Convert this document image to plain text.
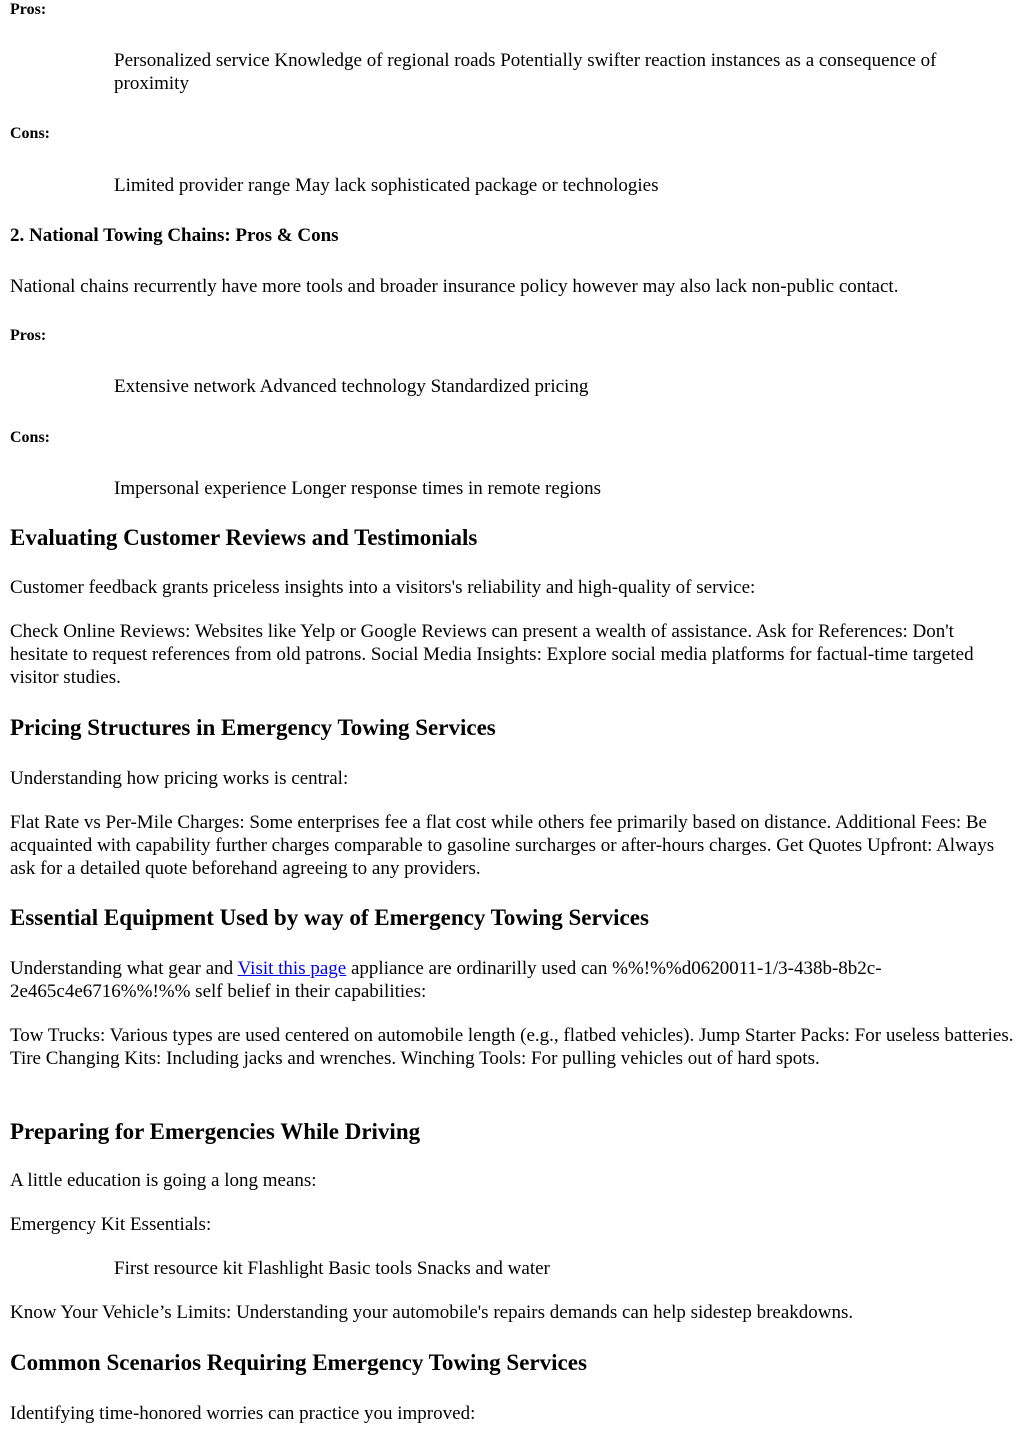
Pros:
Personalized service Knowledge of regional roads Potentially swifter reaction instances as a consequence of proximity
Cons:
Limited provider range May lack sophisticated package or technologies
2. National Towing Chains: Pros & Cons

National chains recurrently have more tools and broader insurance policy however may also lack non-public contact.

Pros:
Extensive network Advanced technology Standardized pricing
Cons:
Impersonal experience Longer response times in remote regions
Evaluating Customer Reviews and Testimonials

Customer feedback grants priceless insights into a visitors's reliability and high-quality of service:

Check Online Reviews: Websites like Yelp or Google Reviews can present a wealth of assistance. Ask for References: Don't hesitate to request references from old patrons. Social Media Insights: Explore social media platforms for factual-time targeted visitor studies.

Pricing Structures in Emergency Towing Services

Understanding how pricing works is central:

Flat Rate vs Per-Mile Charges: Some enterprises fee a flat cost while others fee primarily based on distance. Additional Fees: Be acquainted with capability further charges comparable to gasoline surcharges or after-hours charges. Get Quotes Upfront: Always ask for a detailed quote beforehand agreeing to any providers.

Essential Equipment Used by way of Emergency Towing Services

Understanding what gear and Visit this page appliance are ordinarilly used can %%!%%d0620011-1/3-438b-8b2c-2e465c4e6716%%!%% self belief in their capabilities:

Tow Trucks: Various types are used centered on automobile length (e.g., flatbed vehicles). Jump Starter Packs: For useless batteries. Tire Changing Kits: Including jacks and wrenches. Winching Tools: For pulling vehicles out of hard spots.

Preparing for Emergencies While Driving

A little education is going a long means:

Emergency Kit Essentials:

First resource kit Flashlight Basic tools Snacks and water

Know Your Vehicle’s Limits: Understanding your automobile's repairs demands can help sidestep breakdowns.

Common Scenarios Requiring Emergency Towing Services

Identifying time-honored worries can practice you improved:
